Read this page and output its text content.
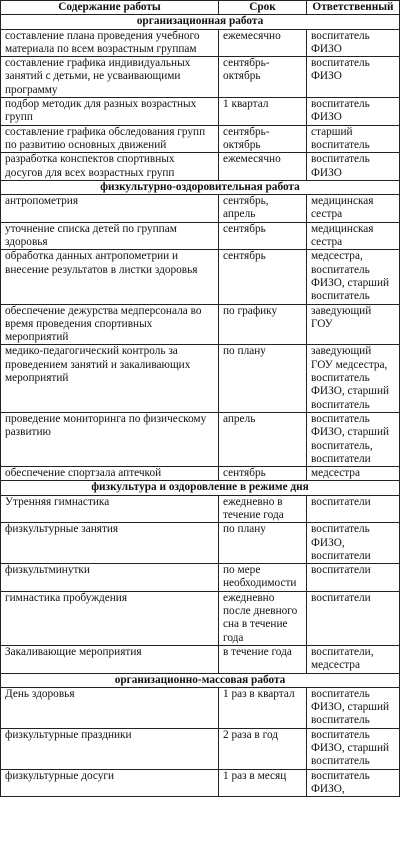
Содержание работы	Срок	Ответственный
организационная работа		
составление плана проведения учебного материала по всем возрастным группам	ежемесячно	воспитатель ФИЗО
составление графика индивидуальных занятий с детьми, не усваивающими программу	сентябрь-октябрь	воспитатель ФИЗО
подбор методик для разных возрастных групп	1 квартал	воспитатель ФИЗО
составление графика обследования групп по развитию основных движений	сентябрь-октябрь	старший воспитатель
разработка конспектов спортивных досугов для всех возрастных групп	ежемесячно	воспитатель ФИЗО
физкультурно-оздоровительная работа		
антропометрия	сентябрь, апрель	медицинская сестра
уточнение списка детей по группам здоровья	сентябрь	медицинская сестра
обработка данных антропометрии и внесение результатов в листки здоровья	сентябрь	медсестра, воспитатель ФИЗО, старший воспитатель
обеспечение дежурства медперсонала во время проведения спортивных мероприятий	по графику	заведующий ГОУ
медико-педагогический контроль за проведением занятий и закаливающих мероприятий	по плану	заведующий ГОУ медсестра, воспитатель ФИЗО, старший воспитатель
проведение мониторинга по физическому развитию	апрель	воспитатель ФИЗО, старший воспитатель, воспитатели
обеспечение спортзала аптечкой	сентябрь	медсестра
физкультура и оздоровление в режиме дня		
Утренняя гимнастика	ежедневно в течение года	воспитатели
физкультурные занятия	по плану	воспитатель ФИЗО, воспитатели
физкультминутки	по мере необходимости	воспитатели
гимнастика пробуждения	ежедневно после дневного сна в течение года	воспитатели
Закаливающие мероприятия	в течение года	воспитатели, медсестра
организационно-массовая работа		
День здоровья	1 раз в квартал	воспитатель ФИЗО, старший воспитатель
физкультурные праздники	2 раза в год	воспитатель ФИЗО, старший воспитатель
физкультурные досуги	1 раз в месяц	воспитатель ФИЗО,
